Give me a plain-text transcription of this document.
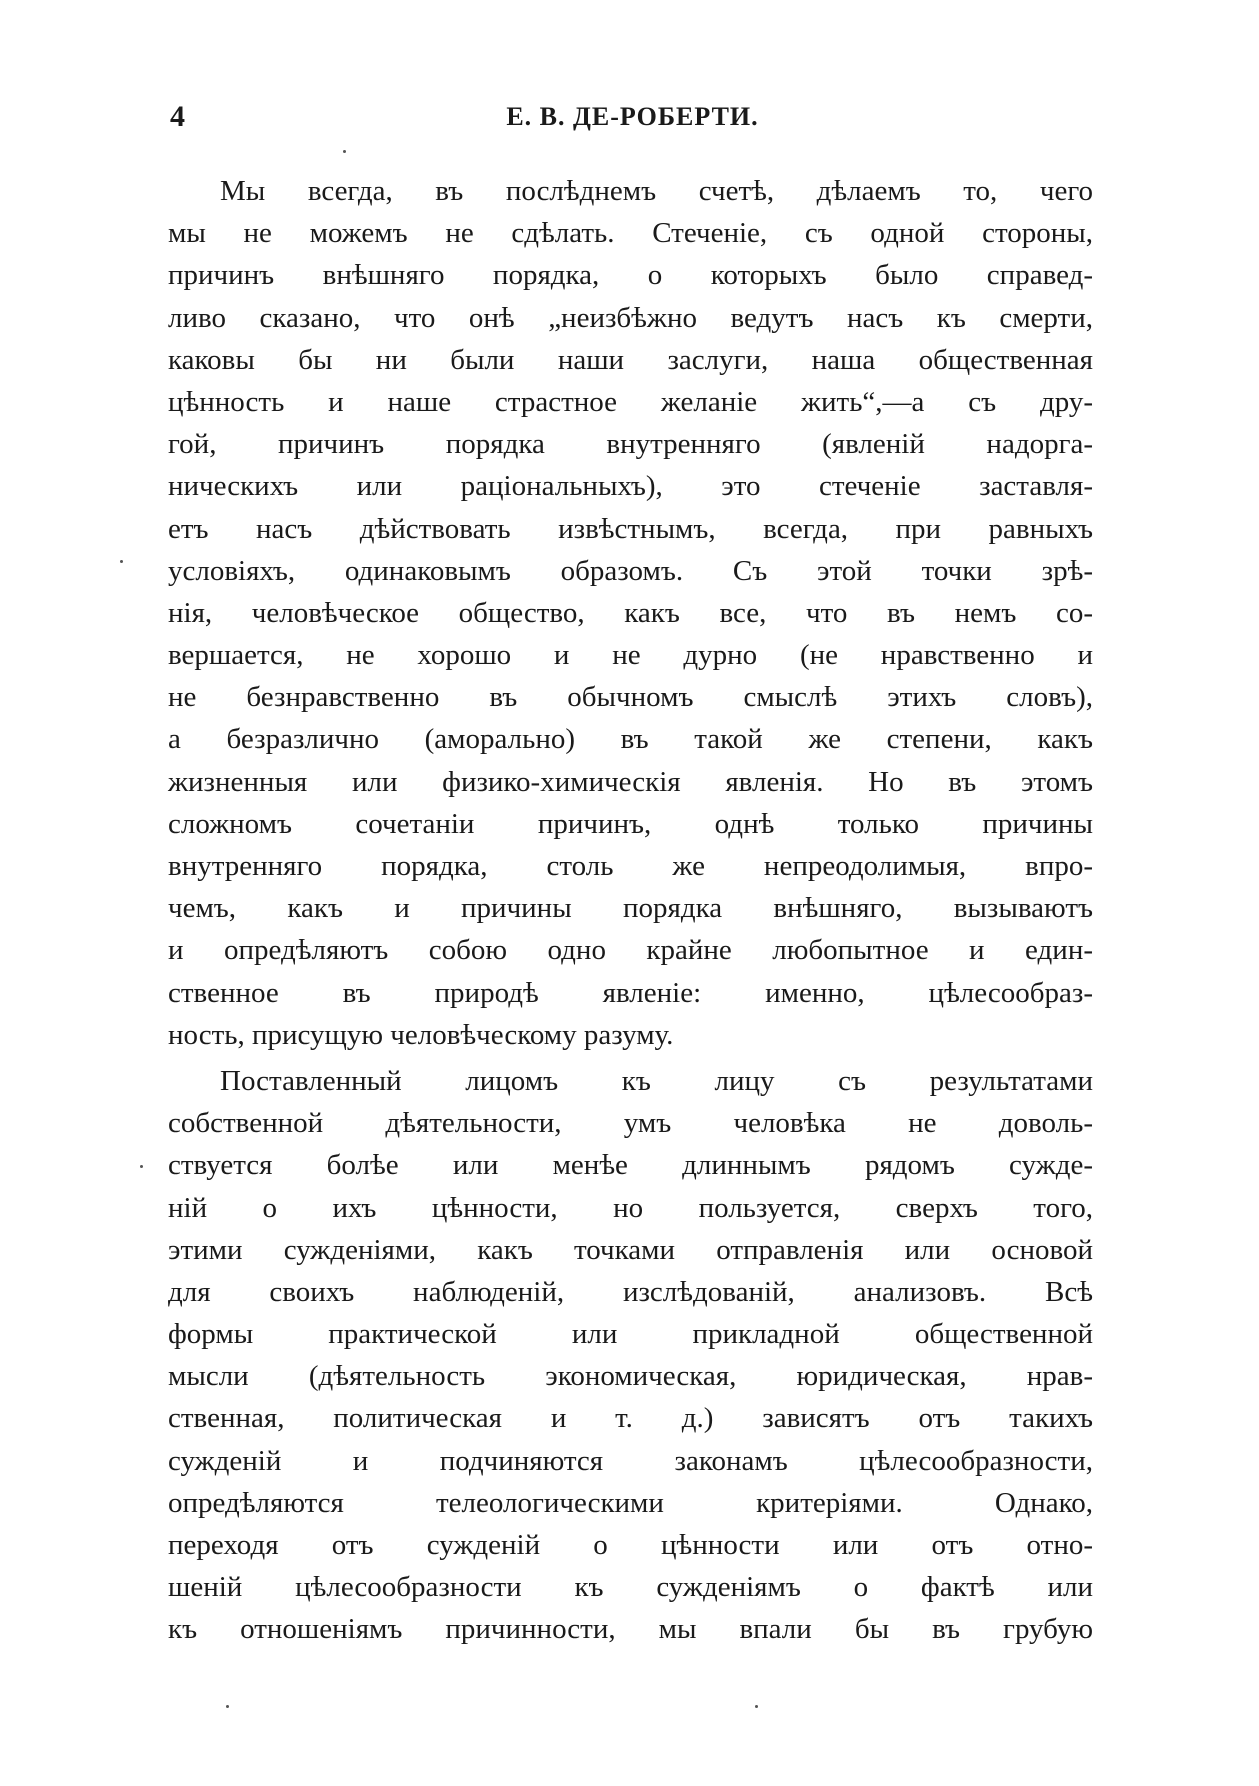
4	Е. В. ДЕ-РОБЕРТИ.
Мы всегда, въ послѣднемъ счетѣ, дѣлаемъ то, чего
мы не можемъ не сдѣлать. Стеченіе, съ одной стороны,
причинъ внѣшняго порядка, о которыхъ было справед-
ливо сказано, что онѣ „неизбѣжно ведутъ насъ къ смерти,
каковы бы ни были наши заслуги, наша общественная
цѣнность и наше страстное желаніе жить“,—а съ дру-
гой, причинъ порядка внутренняго (явленій надорга-
ническихъ или раціональныхъ), это стеченіе заставля-
етъ насъ дѣйствовать извѣстнымъ, всегда, при равныхъ
условіяхъ, одинаковымъ образомъ. Съ этой точки зрѣ-
нія, человѣческое общество, какъ все, что въ немъ со-
вершается, не хорошо и не дурно (не нравственно и
не безнравственно въ обычномъ смыслѣ этихъ словъ),
а безразлично (аморально) въ такой же степени, какъ
жизненныя или физико-химическія явленія. Но въ этомъ
сложномъ сочетаніи причинъ, однѣ только причины
внутренняго порядка, столь же непреодолимыя, впро-
чемъ, какъ и причины порядка внѣшняго, вызываютъ
и опредѣляютъ собою одно крайне любопытное и един-
ственное въ природѣ явленіе: именно, цѣлесообраз-
ность, присущую человѣческому разуму.
Поставленный лицомъ къ лицу съ результатами
собственной дѣятельности, умъ человѣка не доволь-
ствуется болѣе или менѣе длиннымъ рядомъ сужде-
ній о ихъ цѣнности, но пользуется, сверхъ того,
этими сужденіями, какъ точками отправленія или основой
для своихъ наблюденій, изслѣдованій, анализовъ. Всѣ
формы практической или прикладной общественной
мысли (дѣятельность экономическая, юридическая, нрав-
ственная, политическая и т. д.) зависятъ отъ такихъ
сужденій и подчиняются законамъ цѣлесообразности,
опредѣляются телеологическими критеріями. Однако,
переходя отъ сужденій о цѣнности или отъ отно-
шеній цѣлесообразности къ сужденіямъ о фактѣ или
къ отношеніямъ причинности, мы впали бы въ грубую
